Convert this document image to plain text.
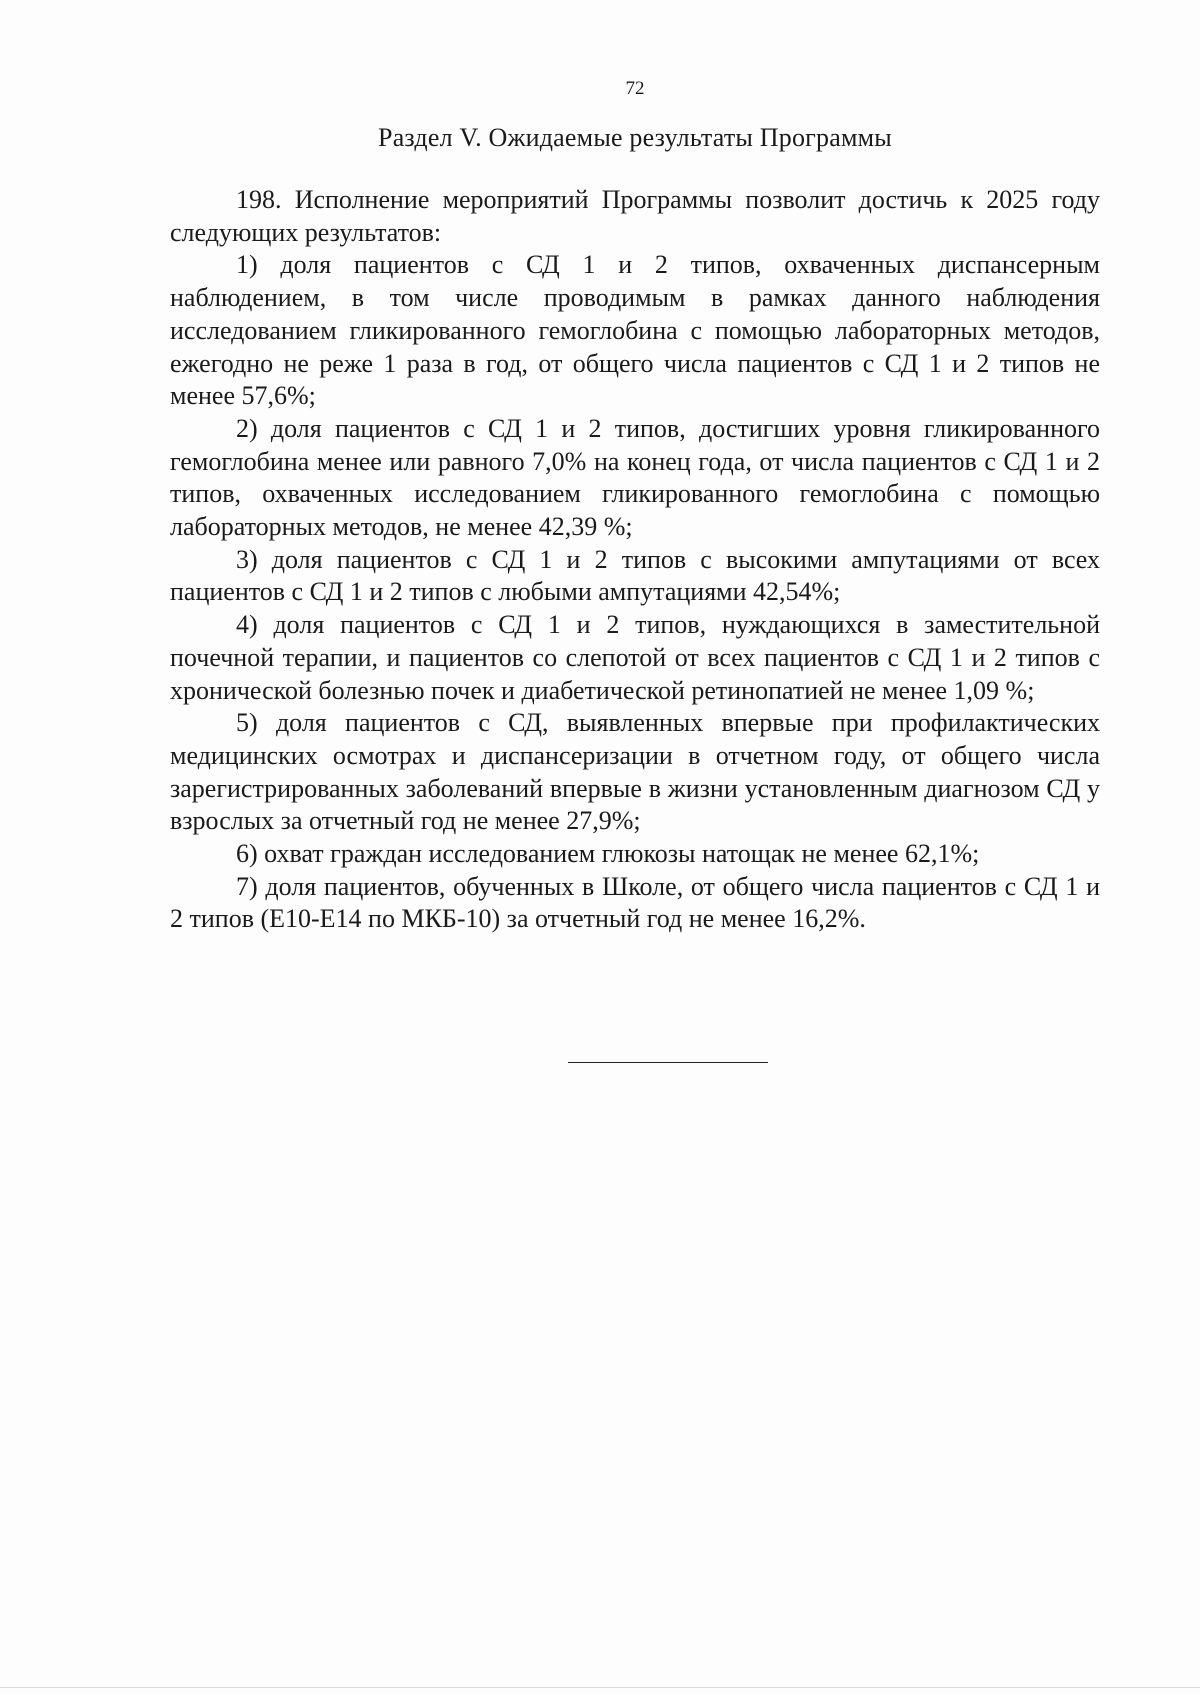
72
Раздел V. Ожидаемые результаты Программы

198. Исполнение мероприятий Программы позволит достичь к 2025 году следующих результатов:

1) доля пациентов с СД 1 и 2 типов, охваченных диспансерным наблюдением, в том числе проводимым в рамках данного наблюдения исследованием гликированного гемоглобина с помощью лабораторных методов, ежегодно не реже 1 раза в год, от общего числа пациентов с СД 1 и 2 типов не менее 57,6%;

2) доля пациентов с СД 1 и 2 типов, достигших уровня гликированного гемоглобина менее или равного 7,0% на конец года, от числа пациентов с СД 1 и 2 типов, охваченных исследованием гликированного гемоглобина с помощью лабораторных методов, не менее 42,39 %;

3) доля пациентов с СД 1 и 2 типов с высокими ампутациями от всех пациентов с СД 1 и 2 типов с любыми ампутациями 42,54%;

4) доля пациентов с СД 1 и 2 типов, нуждающихся в заместительной почечной терапии, и пациентов со слепотой от всех пациентов с СД 1 и 2 типов с хронической болезнью почек и диабетической ретинопатией не менее 1,09 %;

5) доля пациентов с СД, выявленных впервые при профилактических медицинских осмотрах и диспансеризации в отчетном году, от общего числа зарегистрированных заболеваний впервые в жизни установленным диагнозом СД у взрослых за отчетный год не менее 27,9%;

6) охват граждан исследованием глюкозы натощак не менее 62,1%;

7) доля пациентов, обученных в Школе, от общего числа пациентов с СД 1 и 2 типов (Е10-Е14 по МКБ-10) за отчетный год не менее 16,2%.
